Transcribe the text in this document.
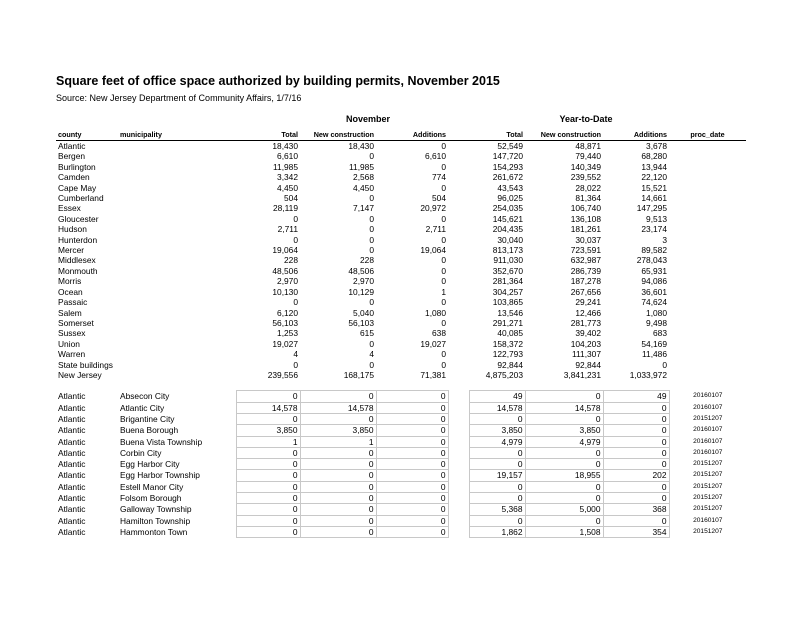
Square feet of office space authorized by building permits, November 2015
Source: New Jersey Department of Community Affairs, 1/7/16
November	Year-to-Date
county	municipality	Total	New construction	Additions		Total	New construction	Additions	proc_date
Atlantic		18,430	18,430	0		52,549	48,871	3,678	
Bergen		6,610	0	6,610		147,720	79,440	68,280	
Burlington		11,985	11,985	0		154,293	140,349	13,944	
Camden		3,342	2,568	774		261,672	239,552	22,120	
Cape May		4,450	4,450	0		43,543	28,022	15,521	
Cumberland		504	0	504		96,025	81,364	14,661	
Essex		28,119	7,147	20,972		254,035	106,740	147,295	
Gloucester		0	0	0		145,621	136,108	9,513	
Hudson		2,711	0	2,711		204,435	181,261	23,174	
Hunterdon		0	0	0		30,040	30,037	3	
Mercer		19,064	0	19,064		813,173	723,591	89,582	
Middlesex		228	228	0		911,030	632,987	278,043	
Monmouth		48,506	48,506	0		352,670	286,739	65,931	
Morris		2,970	2,970	0		281,364	187,278	94,086	
Ocean		10,130	10,129	1		304,257	267,656	36,601	
Passaic		0	0	0		103,865	29,241	74,624	
Salem		6,120	5,040	1,080		13,546	12,466	1,080	
Somerset		56,103	56,103	0		291,271	281,773	9,498	
Sussex		1,253	615	638		40,085	39,402	683	
Union		19,027	0	19,027		158,372	104,203	54,169	
Warren		4	4	0		122,793	111,307	11,486	
State buildings		0	0	0		92,844	92,844	0	
New Jersey		239,556	168,175	71,381		4,875,203	3,841,231	1,033,972	
Atlantic	Absecon City	0	0	0		49	0	49	20160107
Atlantic	Atlantic City	14,578	14,578	0		14,578	14,578	0	20160107
Atlantic	Brigantine City	0	0	0		0	0	0	20151207
Atlantic	Buena Borough	3,850	3,850	0		3,850	3,850	0	20160107
Atlantic	Buena Vista Township	1	1	0		4,979	4,979	0	20160107
Atlantic	Corbin City	0	0	0		0	0	0	20160107
Atlantic	Egg Harbor City	0	0	0		0	0	0	20151207
Atlantic	Egg Harbor Township	0	0	0		19,157	18,955	202	20151207
Atlantic	Estell Manor City	0	0	0		0	0	0	20151207
Atlantic	Folsom Borough	0	0	0		0	0	0	20151207
Atlantic	Galloway Township	0	0	0		5,368	5,000	368	20151207
Atlantic	Hamilton Township	0	0	0		0	0	0	20160107
Atlantic	Hammonton Town	0	0	0		1,862	1,508	354	20151207
